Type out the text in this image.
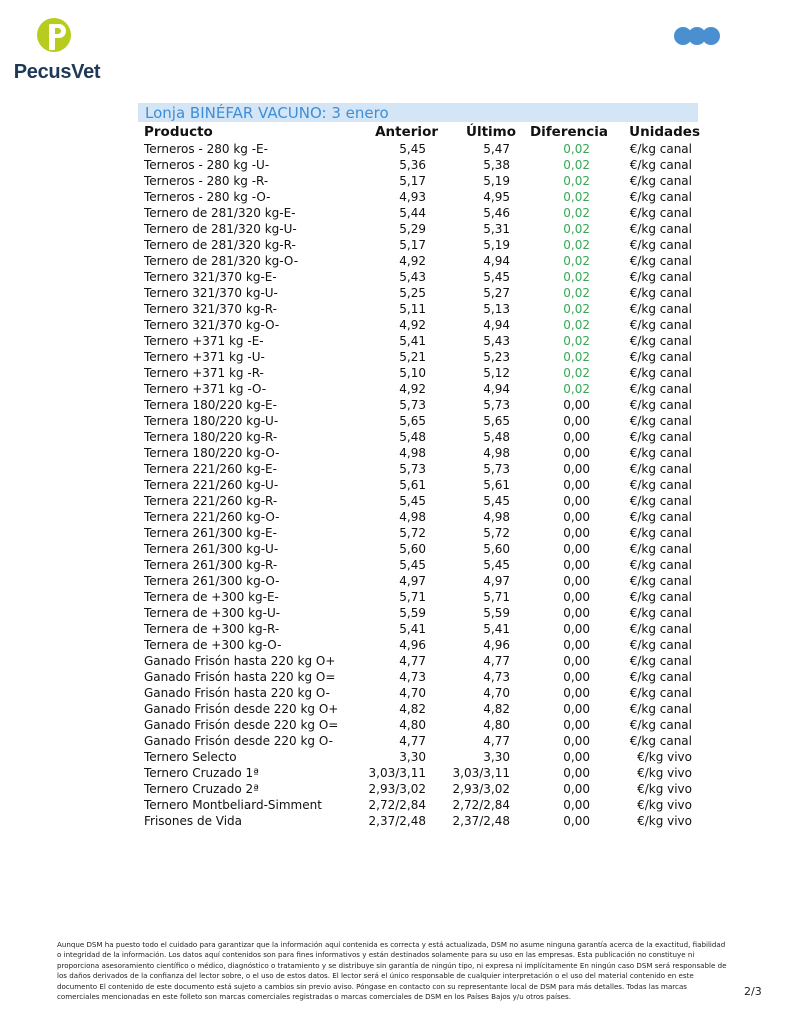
PecusVet
Lonja BINÉFAR VACUNO: 3 enero
Producto	Anterior	Último	Diferencia	Unidades
Terneros - 280 kg -E-	5,45	5,47	0,02	€/kg canal
Terneros - 280 kg -U-	5,36	5,38	0,02	€/kg canal
Terneros - 280 kg -R-	5,17	5,19	0,02	€/kg canal
Terneros - 280 kg -O-	4,93	4,95	0,02	€/kg canal
Ternero de 281/320 kg-E-	5,44	5,46	0,02	€/kg canal
Ternero de 281/320 kg-U-	5,29	5,31	0,02	€/kg canal
Ternero de 281/320 kg-R-	5,17	5,19	0,02	€/kg canal
Ternero de 281/320 kg-O-	4,92	4,94	0,02	€/kg canal
Ternero 321/370 kg-E-	5,43	5,45	0,02	€/kg canal
Ternero 321/370 kg-U-	5,25	5,27	0,02	€/kg canal
Ternero 321/370 kg-R-	5,11	5,13	0,02	€/kg canal
Ternero 321/370 kg-O-	4,92	4,94	0,02	€/kg canal
Ternero +371 kg -E-	5,41	5,43	0,02	€/kg canal
Ternero +371 kg -U-	5,21	5,23	0,02	€/kg canal
Ternero +371 kg -R-	5,10	5,12	0,02	€/kg canal
Ternero +371 kg -O-	4,92	4,94	0,02	€/kg canal
Ternera 180/220 kg-E-	5,73	5,73	0,00	€/kg canal
Ternera 180/220 kg-U-	5,65	5,65	0,00	€/kg canal
Ternera 180/220 kg-R-	5,48	5,48	0,00	€/kg canal
Ternera 180/220 kg-O-	4,98	4,98	0,00	€/kg canal
Ternera 221/260 kg-E-	5,73	5,73	0,00	€/kg canal
Ternera 221/260 kg-U-	5,61	5,61	0,00	€/kg canal
Ternera 221/260 kg-R-	5,45	5,45	0,00	€/kg canal
Ternera 221/260 kg-O-	4,98	4,98	0,00	€/kg canal
Ternera 261/300 kg-E-	5,72	5,72	0,00	€/kg canal
Ternera 261/300 kg-U-	5,60	5,60	0,00	€/kg canal
Ternera 261/300 kg-R-	5,45	5,45	0,00	€/kg canal
Ternera 261/300 kg-O-	4,97	4,97	0,00	€/kg canal
Ternera de +300 kg-E-	5,71	5,71	0,00	€/kg canal
Ternera de +300 kg-U-	5,59	5,59	0,00	€/kg canal
Ternera de +300 kg-R-	5,41	5,41	0,00	€/kg canal
Ternera de +300 kg-O-	4,96	4,96	0,00	€/kg canal
Ganado Frisón hasta 220 kg O+	4,77	4,77	0,00	€/kg canal
Ganado Frisón hasta 220 kg O=	4,73	4,73	0,00	€/kg canal
Ganado Frisón hasta 220 kg O-	4,70	4,70	0,00	€/kg canal
Ganado Frisón desde 220 kg O+	4,82	4,82	0,00	€/kg canal
Ganado Frisón desde 220 kg O=	4,80	4,80	0,00	€/kg canal
Ganado Frisón desde 220 kg O-	4,77	4,77	0,00	€/kg canal
Ternero Selecto	3,30	3,30	0,00	€/kg vivo
Ternero Cruzado 1ª	3,03/3,11	3,03/3,11	0,00	€/kg vivo
Ternero Cruzado 2ª	2,93/3,02	2,93/3,02	0,00	€/kg vivo
Ternero Montbeliard-Simment	2,72/2,84	2,72/2,84	0,00	€/kg vivo
Frisones de Vida	2,37/2,48	2,37/2,48	0,00	€/kg vivo
Aunque DSM ha puesto todo el cuidado para garantizar que la información aquí contenida es correcta y está actualizada, DSM no asume ninguna garantía acerca de la exactitud, fiabilidad o integridad de la información. Los datos aquí contenidos son para fines informativos y están destinados solamente para su uso en las empresas. Esta publicación no constituye ni proporciona asesoramiento científico o médico, diagnóstico o tratamiento y se distribuye sin garantía de ningún tipo, ni expresa ni implícitamente En ningún caso DSM será responsable de los daños derivados de la confianza del lector sobre, o el uso de estos datos. El lector será el único responsable de cualquier interpretación o el uso del material contenido en este documento El contenido de este documento está sujeto a cambios sin previo aviso. Póngase en contacto con su representante local de DSM para más detalles. Todas las marcas comerciales mencionadas en este folleto son marcas comerciales registradas o marcas comerciales de DSM en los Países Bajos y/u otros países.	2/3
